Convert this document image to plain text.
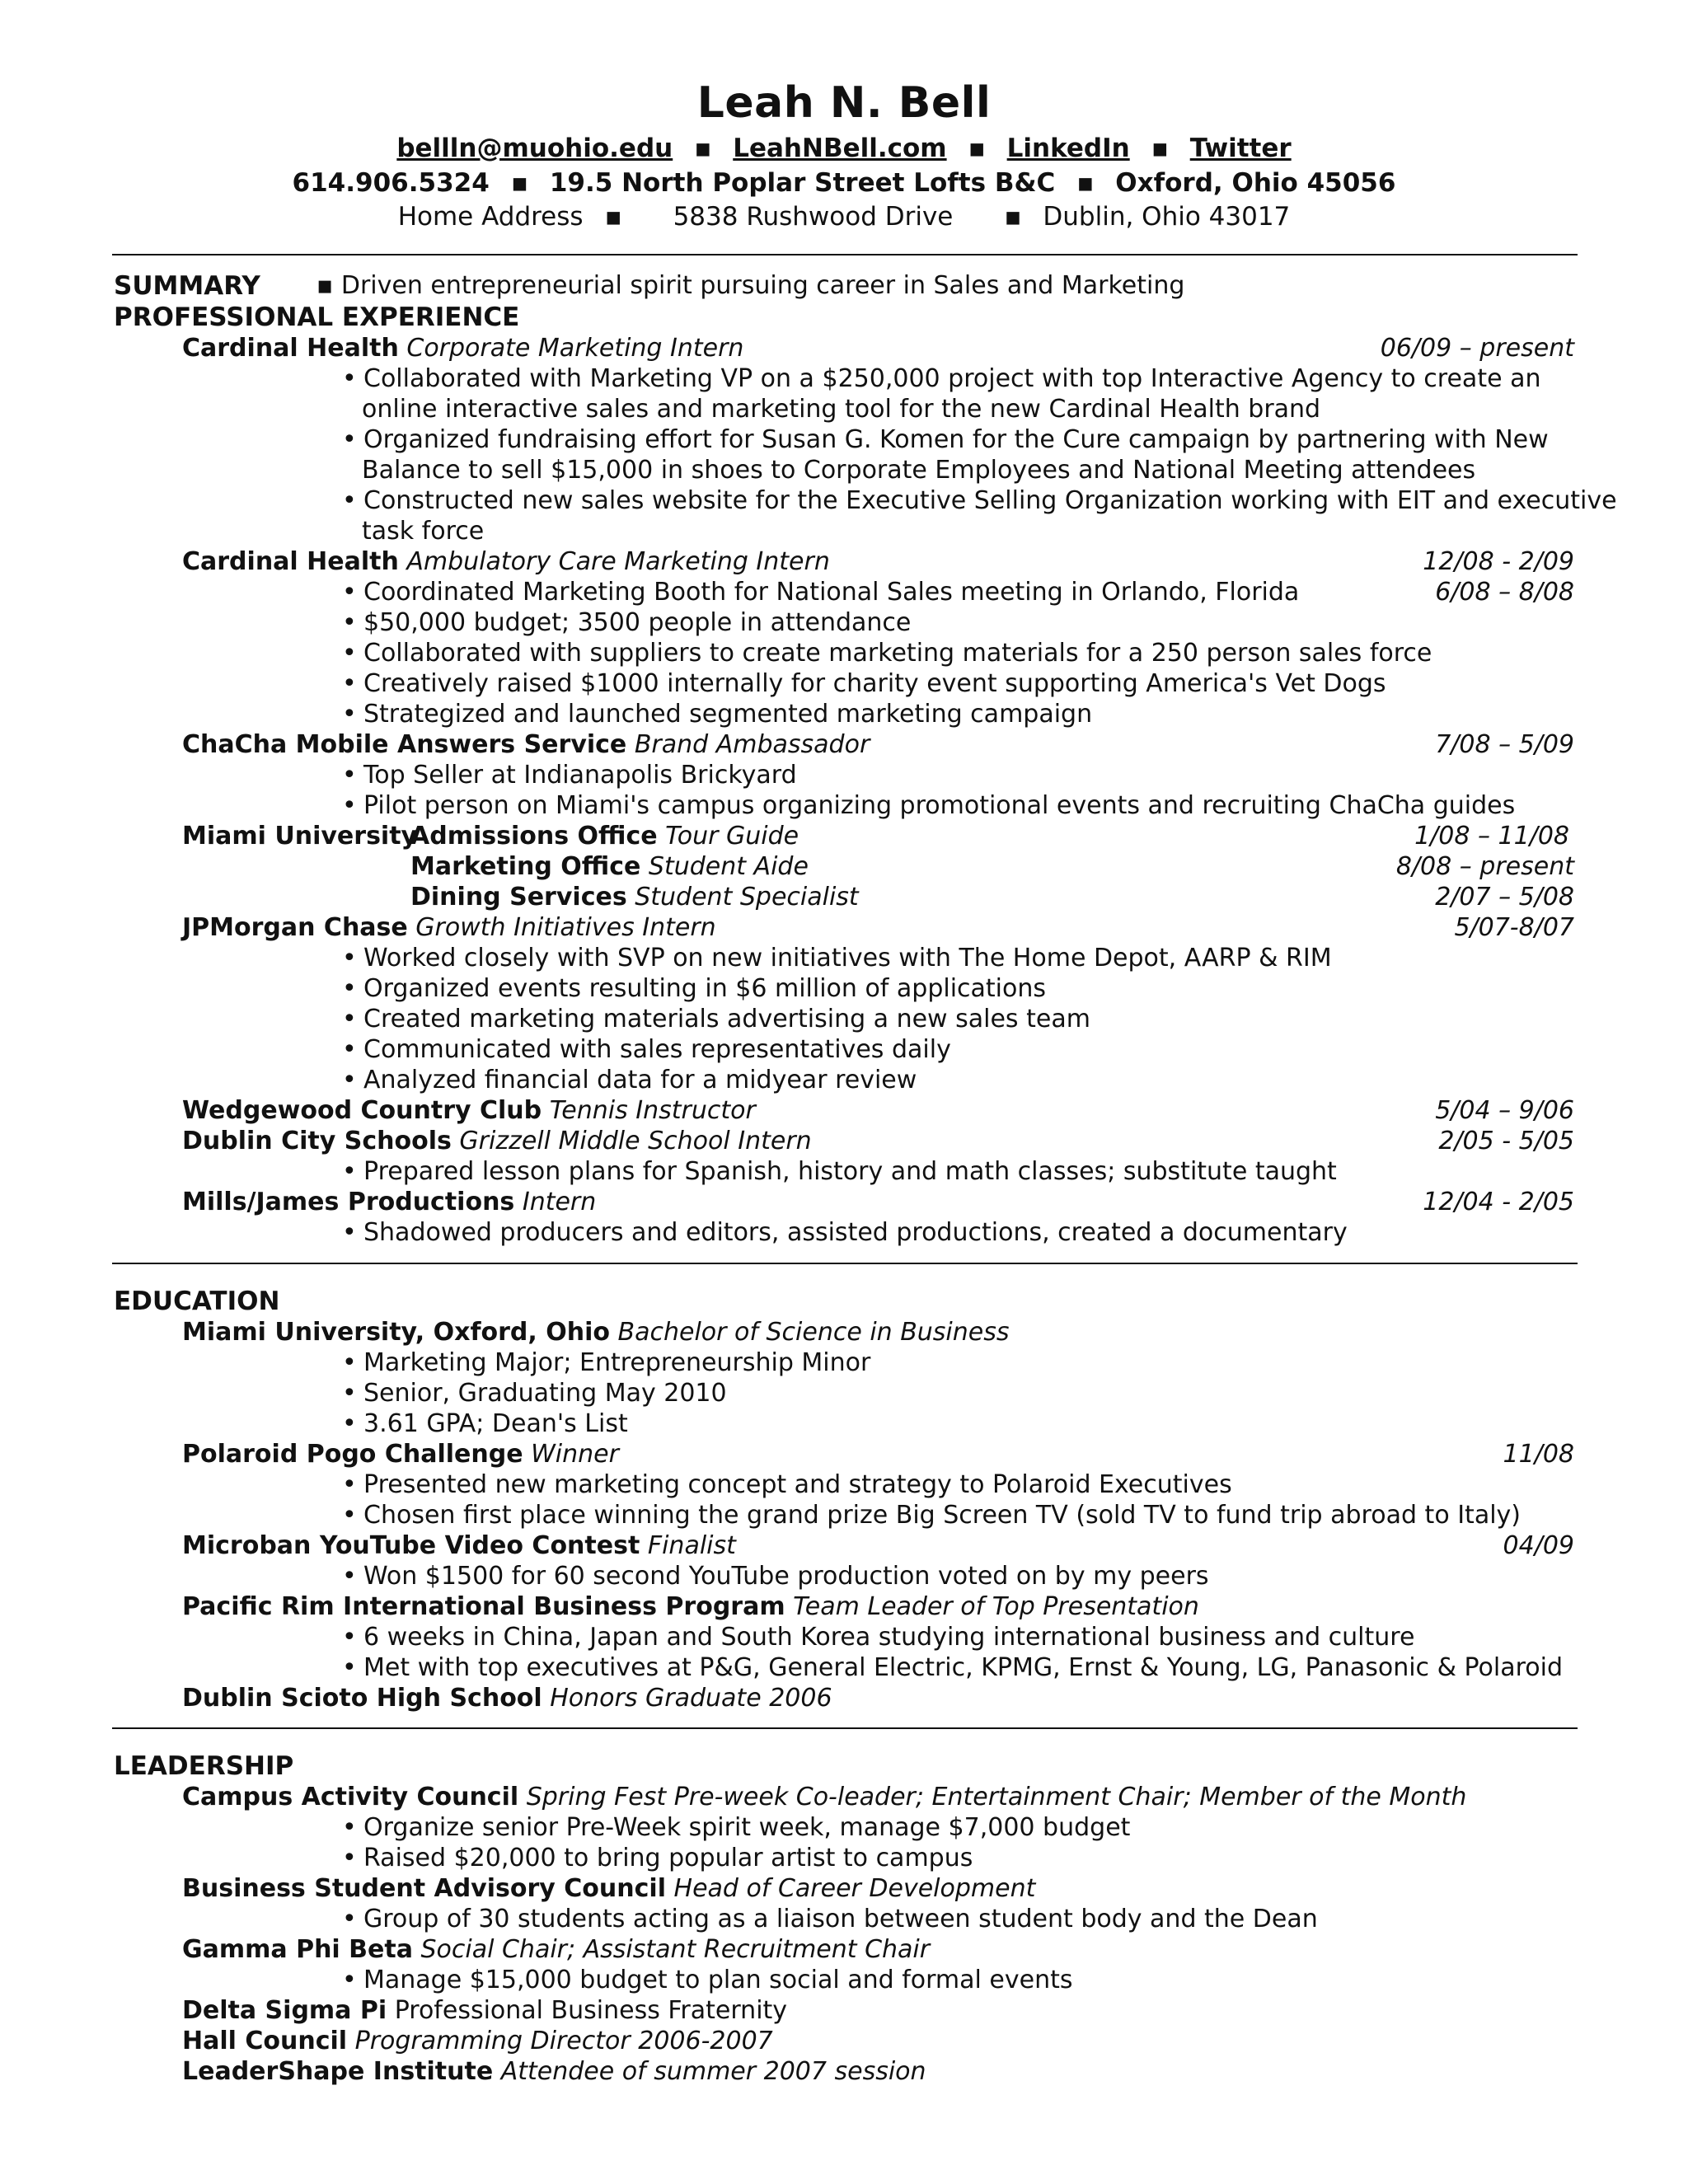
Leah N. Bell
bellln@muohio.edu ▪ LeahNBell.com ▪ LinkedIn ▪ Twitter
614.906.5324 ▪ 19.5 North Poplar Street Lofts B&C ▪ Oxford, Ohio 45056
Home Address ▪ 5838 Rushwood Drive ▪ Dublin, Ohio 43017
SUMMARY ▪ Driven entrepreneurial spirit pursuing career in Sales and Marketing
PROFESSIONAL EXPERIENCE
Cardinal Health Corporate Marketing Intern	06/09 – present
• Collaborated with Marketing VP on a $250,000 project with top Interactive Agency to create an
online interactive sales and marketing tool for the new Cardinal Health brand
• Organized fundraising effort for Susan G. Komen for the Cure campaign by partnering with New
Balance to sell $15,000 in shoes to Corporate Employees and National Meeting attendees
• Constructed new sales website for the Executive Selling Organization working with EIT and executive
task force
Cardinal Health Ambulatory Care Marketing Intern	12/08 - 2/09
• Coordinated Marketing Booth for National Sales meeting in Orlando, Florida	6/08 – 8/08
• $50,000 budget; 3500 people in attendance
• Collaborated with suppliers to create marketing materials for a 250 person sales force
• Creatively raised $1000 internally for charity event supporting America's Vet Dogs
• Strategized and launched segmented marketing campaign
ChaCha Mobile Answers Service Brand Ambassador	7/08 – 5/09
• Top Seller at Indianapolis Brickyard
• Pilot person on Miami's campus organizing promotional events and recruiting ChaCha guides
Miami University
Admissions Office Tour Guide	1/08 – 11/08
Marketing Office Student Aide	8/08 – present
Dining Services Student Specialist	2/07 – 5/08
JPMorgan Chase Growth Initiatives Intern	5/07-8/07
• Worked closely with SVP on new initiatives with The Home Depot, AARP & RIM
• Organized events resulting in $6 million of applications
• Created marketing materials advertising a new sales team
• Communicated with sales representatives daily
• Analyzed financial data for a midyear review
Wedgewood Country Club Tennis Instructor	5/04 – 9/06
Dublin City Schools Grizzell Middle School Intern	2/05 - 5/05
• Prepared lesson plans for Spanish, history and math classes; substitute taught
Mills/James Productions Intern	12/04 - 2/05
• Shadowed producers and editors, assisted productions, created a documentary
EDUCATION
Miami University, Oxford, Ohio Bachelor of Science in Business
• Marketing Major; Entrepreneurship Minor
• Senior, Graduating May 2010
• 3.61 GPA; Dean's List
Polaroid Pogo Challenge Winner	11/08
• Presented new marketing concept and strategy to Polaroid Executives
• Chosen first place winning the grand prize Big Screen TV (sold TV to fund trip abroad to Italy)
Microban YouTube Video Contest Finalist	04/09
• Won $1500 for 60 second YouTube production voted on by my peers
Pacific Rim International Business Program Team Leader of Top Presentation
• 6 weeks in China, Japan and South Korea studying international business and culture
• Met with top executives at P&G, General Electric, KPMG, Ernst & Young, LG, Panasonic & Polaroid
Dublin Scioto High School Honors Graduate 2006
LEADERSHIP
Campus Activity Council Spring Fest Pre-week Co-leader; Entertainment Chair; Member of the Month
• Organize senior Pre-Week spirit week, manage $7,000 budget
• Raised $20,000 to bring popular artist to campus
Business Student Advisory Council Head of Career Development
• Group of 30 students acting as a liaison between student body and the Dean
Gamma Phi Beta Social Chair; Assistant Recruitment Chair
• Manage $15,000 budget to plan social and formal events
Delta Sigma Pi Professional Business Fraternity
Hall Council Programming Director 2006-2007
LeaderShape Institute Attendee of summer 2007 session
